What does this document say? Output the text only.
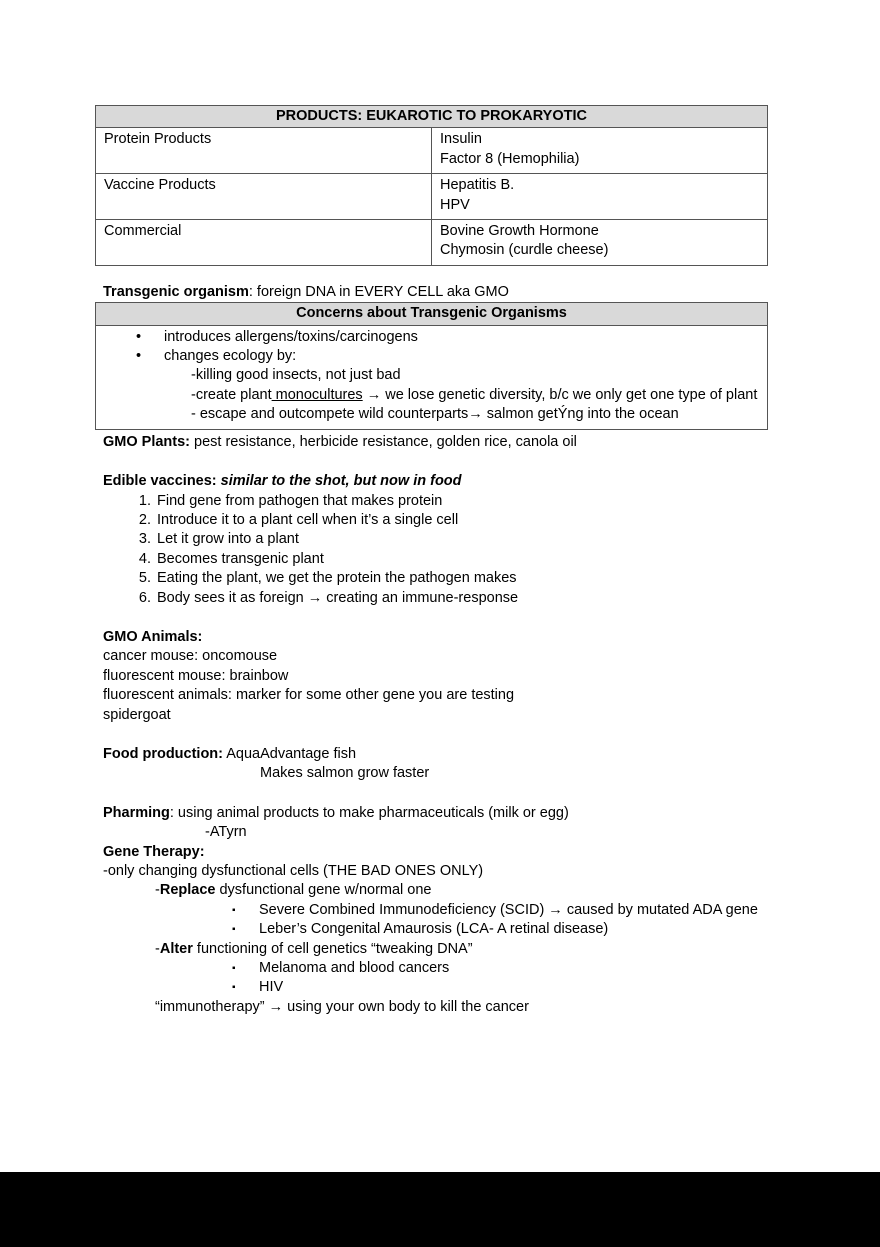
PRODUCTS: EUKAROTIC TO PROKARYOTIC	
Protein Products	Insulin
Factor 8 (Hemophilia)

Vaccine Products	Hepatitis B.
HPV

Commercial	Bovine Growth Hormone
Chymosin (curdle cheese)

Transgenic organism: foreign DNA in EVERY CELL aka GMO

Concerns about Transgenic Organisms

•	introduces allergens/toxins/carcinogens
•	changes ecology by:
-killing good insects, not just bad
-create plant monocultures → we lose genetic diversity, b/c we only get one type of plant
- escape and outcompete wild counterparts→ salmon getÝng into the ocean

GMO Plants: pest resistance, herbicide resistance, golden rice, canola oil

Edible vaccines: similar to the shot, but now in food

1. Find gene from pathogen that makes protein
2. Introduce it to a plant cell when it’s a single cell
3. Let it grow into a plant
4. Becomes transgenic plant
5. Eating the plant, we get the protein the pathogen makes
6. Body sees it as foreign → creating an immune-response

GMO Animals:

cancer mouse: oncomouse

fluorescent mouse: brainbow

fluorescent animals: marker for some other gene you are testing

spidergoat

Food production: AquaAdvantage fish

Makes salmon grow faster

Pharming: using animal products to make pharmaceuticals (milk or egg)

-ATyrn

Gene Therapy:

-only changing dysfunctional cells (THE BAD ONES ONLY)

-Replace dysfunctional gene w/normal one

▪	Severe Combined Immunodeficiency (SCID) → caused by mutated ADA gene
▪	Leber’s Congenital Amaurosis (LCA- A retinal disease)

-Alter functioning of cell genetics “tweaking DNA”

▪	Melanoma and blood cancers
▪	HIV

“immunotherapy” → using your own body to kill the cancer
